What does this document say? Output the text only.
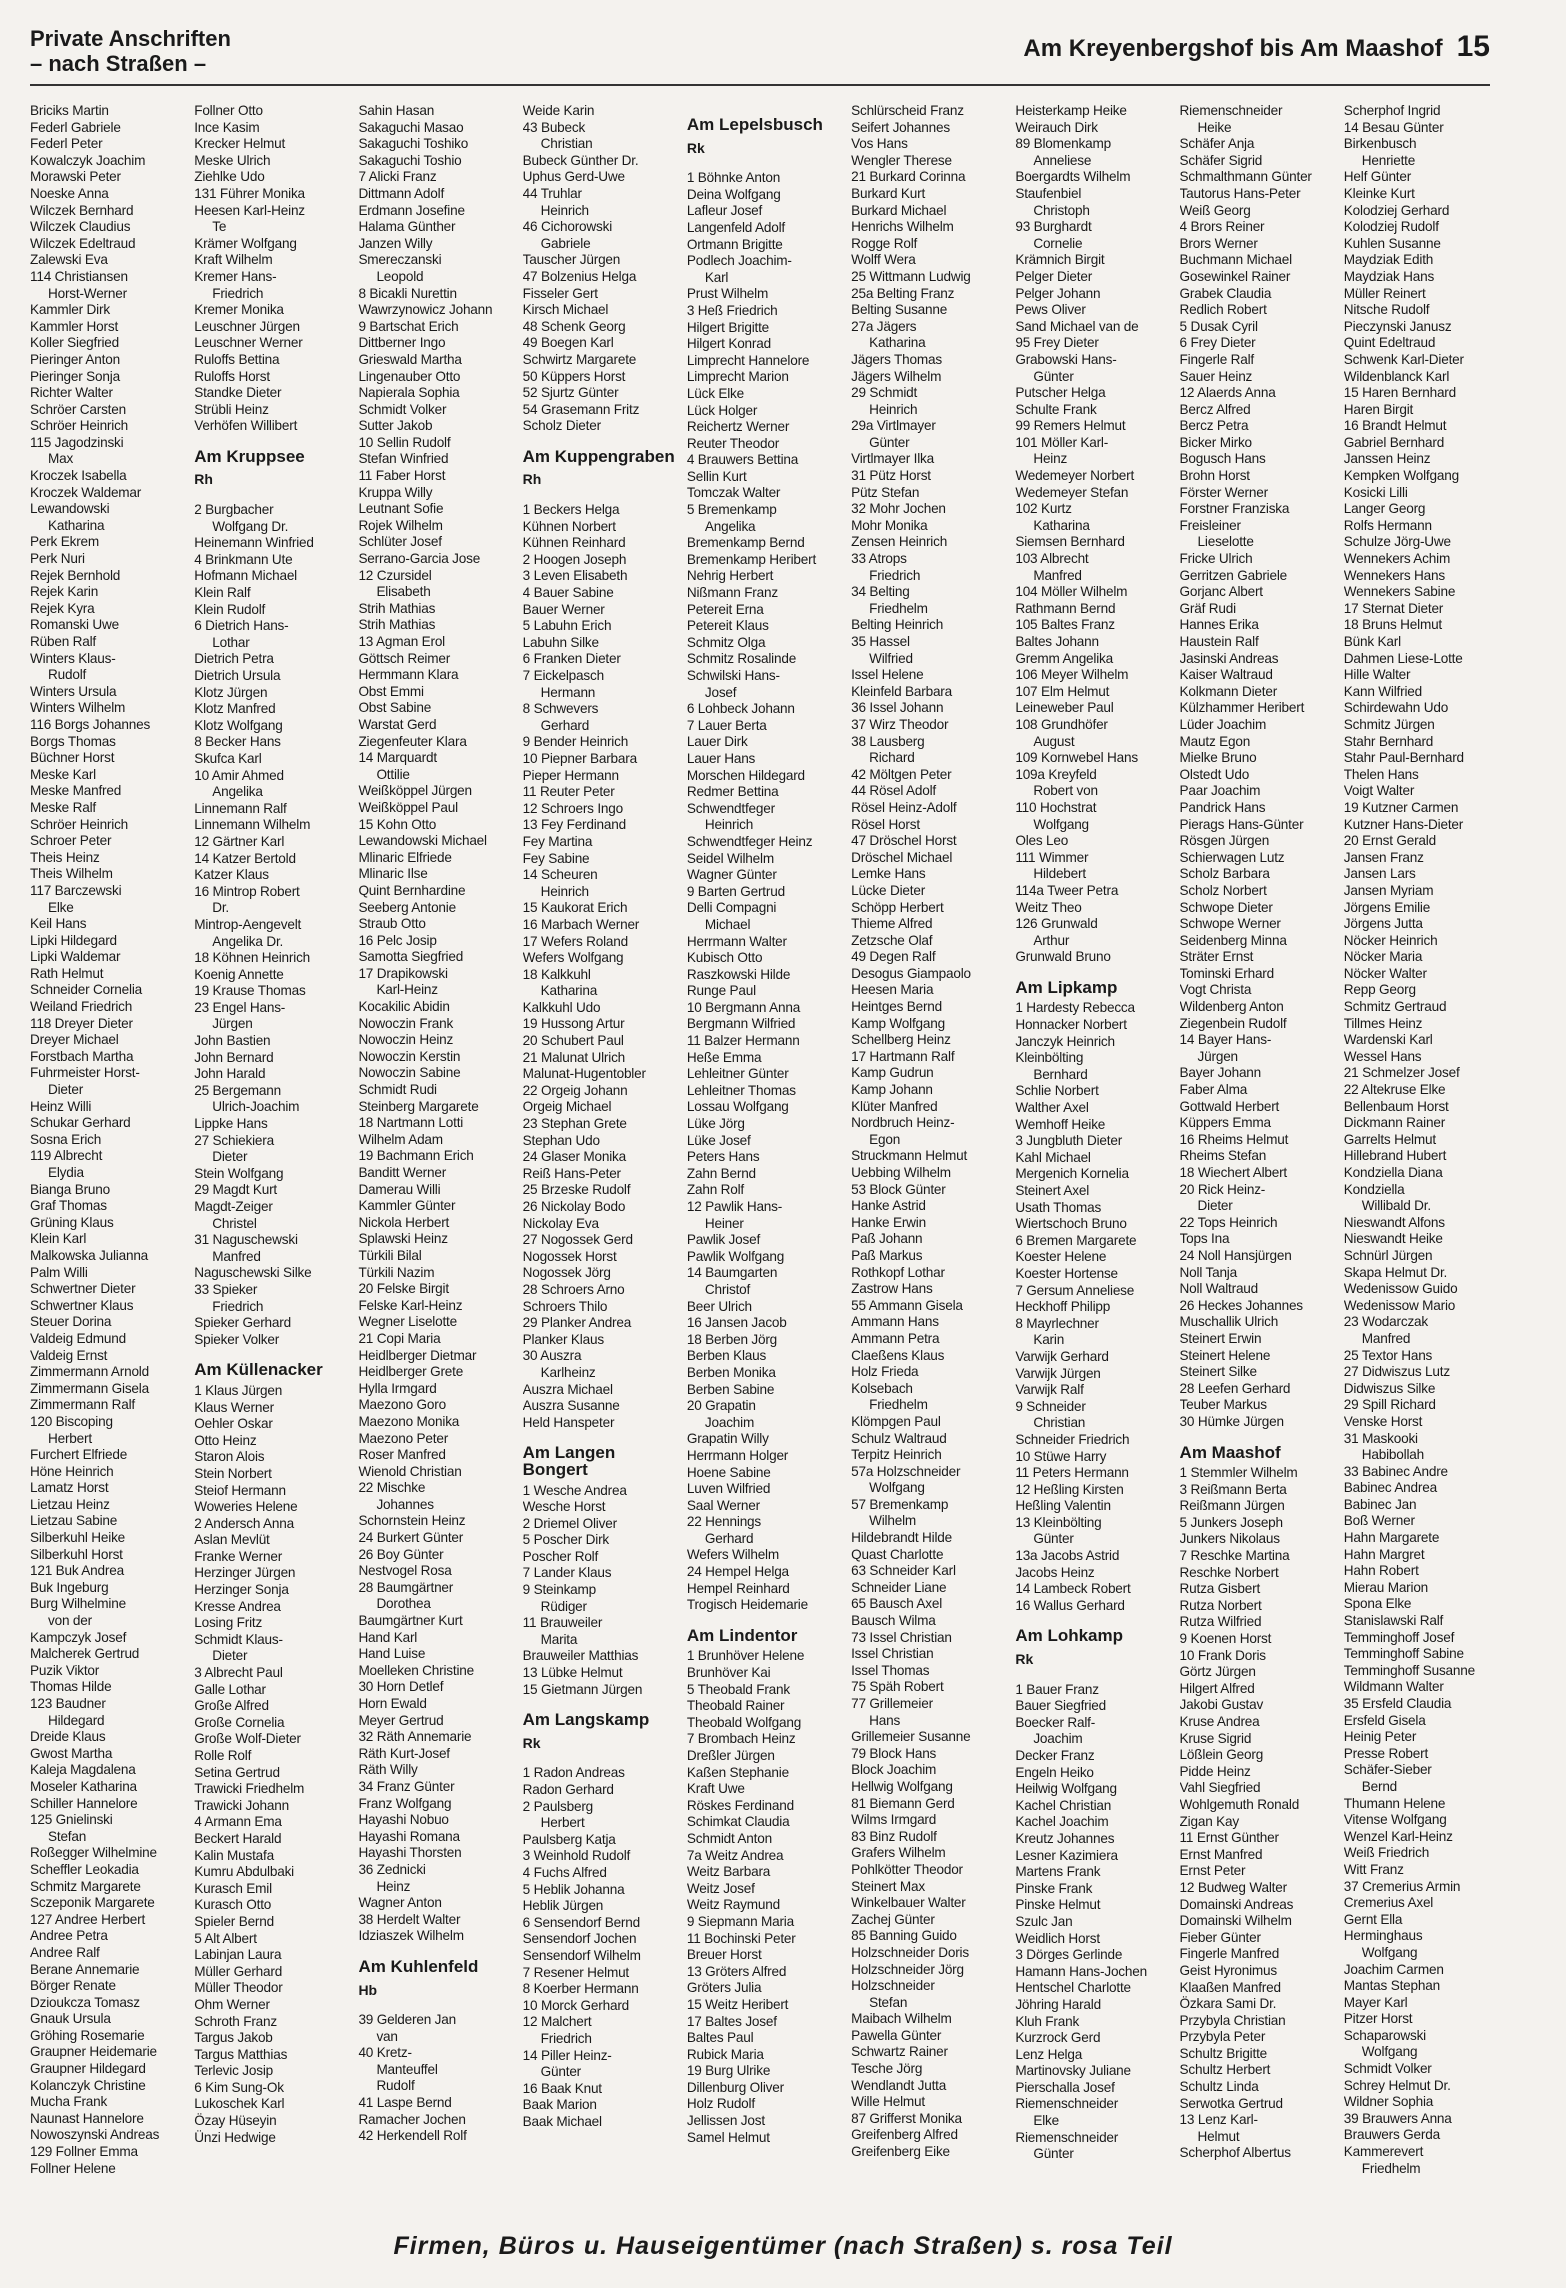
Private Anschriften
– nach Straßen –
Am Kreyenbergshof bis Am Maashof 15
Briciks Martin
Federl Gabriele
Federl Peter
Kowalczyk Joachim
Morawski Peter
Noeske Anna
Wilczek Bernhard
Wilczek Claudius
Wilczek Edeltraud
Zalewski Eva
114 Christiansen
Horst-Werner
Kammler Dirk
Kammler Horst
Koller Siegfried
Pieringer Anton
Pieringer Sonja
Richter Walter
Schröer Carsten
Schröer Heinrich
115 Jagodzinski
Max
Kroczek Isabella
Kroczek Waldemar
Lewandowski
Katharina
Perk Ekrem
Perk Nuri
Rejek Bernhold
Rejek Karin
Rejek Kyra
Romanski Uwe
Rüben Ralf
Winters Klaus-
Rudolf
Winters Ursula
Winters Wilhelm
116 Borgs Johannes
Borgs Thomas
Büchner Horst
Meske Karl
Meske Manfred
Meske Ralf
Schröer Heinrich
Schroer Peter
Theis Heinz
Theis Wilhelm
117 Barczewski
Elke
Keil Hans
Lipki Hildegard
Lipki Waldemar
Rath Helmut
Schneider Cornelia
Weiland Friedrich
118 Dreyer Dieter
Dreyer Michael
Forstbach Martha
Fuhrmeister Horst-
Dieter
Heinz Willi
Schukar Gerhard
Sosna Erich
119 Albrecht
Elydia
Bianga Bruno
Graf Thomas
Grüning Klaus
Klein Karl
Malkowska Julianna
Palm Willi
Schwertner Dieter
Schwertner Klaus
Steuer Dorina
Valdeig Edmund
Valdeig Ernst
Zimmermann Arnold
Zimmermann Gisela
Zimmermann Ralf
120 Biscoping
Herbert
Furchert Elfriede
Höne Heinrich
Lamatz Horst
Lietzau Heinz
Lietzau Sabine
Silberkuhl Heike
Silberkuhl Horst
121 Buk Andrea
Buk Ingeburg
Burg Wilhelmine
von der
Kampczyk Josef
Malcherek Gertrud
Puzik Viktor
Thomas Hilde
123 Baudner
Hildegard
Dreide Klaus
Gwost Martha
Kaleja Magdalena
Moseler Katharina
Schiller Hannelore
125 Gnielinski
Stefan
Roßegger Wilhelmine
Scheffler Leokadia
Schmitz Margarete
Sczeponik Margarete
127 Andree Herbert
Andree Petra
Andree Ralf
Berane Annemarie
Börger Renate
Dzioukcza Tomasz
Gnauk Ursula
Gröhing Rosemarie
Graupner Heidemarie
Graupner Hildegard
Kolanczyk Christine
Mucha Frank
Naunast Hannelore
Nowoszynski Andreas
129 Follner Emma
Follner Helene
Follner Otto
Ince Kasim
Krecker Helmut
Meske Ulrich
Ziehlke Udo
131 Führer Monika
Heesen Karl-Heinz
Te
Krämer Wolfgang
Kraft Wilhelm
Kremer Hans-
Friedrich
Kremer Monika
Leuschner Jürgen
Leuschner Werner
Ruloffs Bettina
Ruloffs Horst
Standke Dieter
Strübli Heinz
Verhöfen Willibert
Am Kruppsee
Rh
2 Burgbacher
Wolfgang Dr.
Heinemann Winfried
4 Brinkmann Ute
Hofmann Michael
Klein Ralf
Klein Rudolf
6 Dietrich Hans-
Lothar
Dietrich Petra
Dietrich Ursula
Klotz Jürgen
Klotz Manfred
Klotz Wolfgang
8 Becker Hans
Skufca Karl
10 Amir Ahmed
Angelika
Linnemann Ralf
Linnemann Wilhelm
12 Gärtner Karl
14 Katzer Bertold
Katzer Klaus
16 Mintrop Robert
Dr.
Mintrop-Aengevelt
Angelika Dr.
18 Köhnen Heinrich
Koenig Annette
19 Krause Thomas
23 Engel Hans-
Jürgen
John Bastien
John Bernard
John Harald
25 Bergemann
Ulrich-Joachim
Lippke Hans
27 Schiekiera
Dieter
Stein Wolfgang
29 Magdt Kurt
Magdt-Zeiger
Christel
31 Naguschewski
Manfred
Naguschewski Silke
33 Spieker
Friedrich
Spieker Gerhard
Spieker Volker
Am Küllenacker
1 Klaus Jürgen
Klaus Werner
Oehler Oskar
Otto Heinz
Staron Alois
Stein Norbert
Steiof Hermann
Woweries Helene
2 Andersch Anna
Aslan Mevlüt
Franke Werner
Herzinger Jürgen
Herzinger Sonja
Kresse Andrea
Losing Fritz
Schmidt Klaus-
Dieter
3 Albrecht Paul
Galle Lothar
Große Alfred
Große Cornelia
Große Wolf-Dieter
Rolle Rolf
Setina Gertrud
Trawicki Friedhelm
Trawicki Johann
4 Armann Ema
Beckert Harald
Kalin Mustafa
Kumru Abdulbaki
Kurasch Emil
Kurasch Otto
Spieler Bernd
5 Alt Albert
Labinjan Laura
Müller Gerhard
Müller Theodor
Ohm Werner
Schroth Franz
Targus Jakob
Targus Matthias
Terlevic Josip
6 Kim Sung-Ok
Lukoschek Karl
Özay Hüseyin
Ünzi Hedwige
Sahin Hasan
Sakaguchi Masao
Sakaguchi Toshiko
Sakaguchi Toshio
7 Alicki Franz
Dittmann Adolf
Erdmann Josefine
Halama Günther
Janzen Willy
Smereczanski
Leopold
8 Bicakli Nurettin
Wawrzynowicz Johann
9 Bartschat Erich
Dittberner Ingo
Grieswald Martha
Lingenauber Otto
Napierala Sophia
Schmidt Volker
Sutter Jakob
10 Sellin Rudolf
Stefan Winfried
11 Faber Horst
Kruppa Willy
Leutnant Sofie
Rojek Wilhelm
Schlüter Josef
Serrano-Garcia Jose
12 Czursidel
Elisabeth
Strih Mathias
Strih Mathias
13 Agman Erol
Göttsch Reimer
Hermmann Klara
Obst Emmi
Obst Sabine
Warstat Gerd
Ziegenfeuter Klara
14 Marquardt
Ottilie
Weißköppel Jürgen
Weißköppel Paul
15 Kohn Otto
Lewandowski Michael
Mlinaric Elfriede
Mlinaric Ilse
Quint Bernhardine
Seeberg Antonie
Straub Otto
16 Pelc Josip
Samotta Siegfried
17 Drapikowski
Karl-Heinz
Kocakilic Abidin
Nowoczin Frank
Nowoczin Heinz
Nowoczin Kerstin
Nowoczin Sabine
Schmidt Rudi
Steinberg Margarete
18 Nartmann Lotti
Wilhelm Adam
19 Bachmann Erich
Banditt Werner
Damerau Willi
Kammler Günter
Nickola Herbert
Splawski Heinz
Türkili Bilal
Türkili Nazim
20 Felske Birgit
Felske Karl-Heinz
Wegner Liselotte
21 Copi Maria
Heidlberger Dietmar
Heidlberger Grete
Hylla Irmgard
Maezono Goro
Maezono Monika
Maezono Peter
Roser Manfred
Wienold Christian
22 Mischke
Johannes
Schornstein Heinz
24 Burkert Günter
26 Boy Günter
Nestvogel Rosa
28 Baumgärtner
Dorothea
Baumgärtner Kurt
Hand Karl
Hand Luise
Moelleken Christine
30 Horn Detlef
Horn Ewald
Meyer Gertrud
32 Räth Annemarie
Räth Kurt-Josef
Räth Willy
34 Franz Günter
Franz Wolfgang
Hayashi Nobuo
Hayashi Romana
Hayashi Thorsten
36 Zednicki
Heinz
Wagner Anton
38 Herdelt Walter
Idziaszek Wilhelm
Am Kuhlenfeld
Hb
39 Gelderen Jan
van
40 Kretz-
Manteuffel
Rudolf
41 Laspe Bernd
Ramacher Jochen
42 Herkendell Rolf
Weide Karin
43 Bubeck
Christian
Bubeck Günther Dr.
Uphus Gerd-Uwe
44 Truhlar
Heinrich
46 Cichorowski
Gabriele
Tauscher Jürgen
47 Bolzenius Helga
Fisseler Gert
Kirsch Michael
48 Schenk Georg
49 Boegen Karl
Schwirtz Margarete
50 Küppers Horst
52 Sjurtz Günter
54 Grasemann Fritz
Scholz Dieter
Am Kuppengraben
Rh
1 Beckers Helga
Kühnen Norbert
Kühnen Reinhard
2 Hoogen Joseph
3 Leven Elisabeth
4 Bauer Sabine
Bauer Werner
5 Labuhn Erich
Labuhn Silke
6 Franken Dieter
7 Eickelpasch
Hermann
8 Schwevers
Gerhard
9 Bender Heinrich
10 Piepner Barbara
Pieper Hermann
11 Reuter Peter
12 Schroers Ingo
13 Fey Ferdinand
Fey Martina
Fey Sabine
14 Scheuren
Heinrich
15 Kaukorat Erich
16 Marbach Werner
17 Wefers Roland
Wefers Wolfgang
18 Kalkkuhl
Katharina
Kalkkuhl Udo
19 Hussong Artur
20 Schubert Paul
21 Malunat Ulrich
Malunat-Hugentobler
22 Orgeig Johann
Orgeig Michael
23 Stephan Grete
Stephan Udo
24 Glaser Monika
Reiß Hans-Peter
25 Brzeske Rudolf
26 Nickolay Bodo
Nickolay Eva
27 Nogossek Gerd
Nogossek Horst
Nogossek Jörg
28 Schroers Arno
Schroers Thilo
29 Planker Andrea
Planker Klaus
30 Auszra
Karlheinz
Auszra Michael
Auszra Susanne
Held Hanspeter
Am Langen Bongert
1 Wesche Andrea
Wesche Horst
2 Driemel Oliver
5 Poscher Dirk
Poscher Rolf
7 Lander Klaus
9 Steinkamp
Rüdiger
11 Brauweiler
Marita
Brauweiler Matthias
13 Lübke Helmut
15 Gietmann Jürgen
Am Langskamp
Rk
1 Radon Andreas
Radon Gerhard
2 Paulsberg
Herbert
Paulsberg Katja
3 Weinhold Rudolf
4 Fuchs Alfred
5 Heblik Johanna
Heblik Jürgen
6 Sensendorf Bernd
Sensendorf Jochen
Sensendorf Wilhelm
7 Resener Helmut
8 Koerber Hermann
10 Morck Gerhard
12 Malchert
Friedrich
14 Piller Heinz-
Günter
16 Baak Knut
Baak Marion
Baak Michael
Am Lepelsbusch
Rk
1 Böhnke Anton
Deina Wolfgang
Lafleur Josef
Langenfeld Adolf
Ortmann Brigitte
Podlech Joachim-
Karl
Prust Wilhelm
3 Heß Friedrich
Hilgert Brigitte
Hilgert Konrad
Limprecht Hannelore
Limprecht Marion
Lück Elke
Lück Holger
Reichertz Werner
Reuter Theodor
4 Brauwers Bettina
Sellin Kurt
Tomczak Walter
5 Bremenkamp
Angelika
Bremenkamp Bernd
Bremenkamp Heribert
Nehrig Herbert
Nißmann Franz
Petereit Erna
Petereit Klaus
Schmitz Olga
Schmitz Rosalinde
Schwilski Hans-
Josef
6 Lohbeck Johann
7 Lauer Berta
Lauer Dirk
Lauer Hans
Morschen Hildegard
Redmer Bettina
Schwendtfeger
Heinrich
Schwendtfeger Heinz
Seidel Wilhelm
Wagner Günter
9 Barten Gertrud
Delli Compagni
Michael
Herrmann Walter
Kubisch Otto
Raszkowski Hilde
Runge Paul
10 Bergmann Anna
Bergmann Wilfried
11 Balzer Hermann
Heße Emma
Lehleitner Günter
Lehleitner Thomas
Lossau Wolfgang
Lüke Jörg
Lüke Josef
Peters Hans
Zahn Bernd
Zahn Rolf
12 Pawlik Hans-
Heiner
Pawlik Josef
Pawlik Wolfgang
14 Baumgarten
Christof
Beer Ulrich
16 Jansen Jacob
18 Berben Jörg
Berben Klaus
Berben Monika
Berben Sabine
20 Grapatin
Joachim
Grapatin Willy
Herrmann Holger
Hoene Sabine
Luven Wilfried
Saal Werner
22 Hennings
Gerhard
Wefers Wilhelm
24 Hempel Helga
Hempel Reinhard
Trogisch Heidemarie
Am Lindentor
1 Brunhöver Helene
Brunhöver Kai
5 Theobald Frank
Theobald Rainer
Theobald Wolfgang
7 Brombach Heinz
Dreßler Jürgen
Kaßen Stephanie
Kraft Uwe
Röskes Ferdinand
Schimkat Claudia
Schmidt Anton
7a Weitz Andrea
Weitz Barbara
Weitz Josef
Weitz Raymund
9 Siepmann Maria
11 Bochinski Peter
Breuer Horst
13 Gröters Alfred
Gröters Julia
15 Weitz Heribert
17 Baltes Josef
Baltes Paul
Rubick Maria
19 Burg Ulrike
Dillenburg Oliver
Holz Rudolf
Jellissen Jost
Samel Helmut
Schlürscheid Franz
Seifert Johannes
Vos Hans
Wengler Therese
21 Burkard Corinna
Burkard Kurt
Burkard Michael
Henrichs Wilhelm
Rogge Rolf
Wolff Wera
25 Wittmann Ludwig
25a Belting Franz
Belting Susanne
27a Jägers
Katharina
Jägers Thomas
Jägers Wilhelm
29 Schmidt
Heinrich
29a Virtlmayer
Günter
Virtlmayer Ilka
31 Pütz Horst
Pütz Stefan
32 Mohr Jochen
Mohr Monika
Zensen Heinrich
33 Atrops
Friedrich
34 Belting
Friedhelm
Belting Heinrich
35 Hassel
Wilfried
Issel Helene
Kleinfeld Barbara
36 Issel Johann
37 Wirz Theodor
38 Lausberg
Richard
42 Möltgen Peter
44 Rösel Adolf
Rösel Heinz-Adolf
Rösel Horst
47 Dröschel Horst
Dröschel Michael
Lemke Hans
Lücke Dieter
Schöpp Herbert
Thieme Alfred
Zetzsche Olaf
49 Degen Ralf
Desogus Giampaolo
Heesen Maria
Heintges Bernd
Kamp Wolfgang
Schellberg Heinz
17 Hartmann Ralf
Kamp Gudrun
Kamp Johann
Klüter Manfred
Nordbruch Heinz-
Egon
Struckmann Helmut
Uebbing Wilhelm
53 Block Günter
Hanke Astrid
Hanke Erwin
Paß Johann
Paß Markus
Rothkopf Lothar
Zastrow Hans
55 Ammann Gisela
Ammann Hans
Ammann Petra
Claeßens Klaus
Holz Frieda
Kolsebach
Friedhelm
Klömpgen Paul
Schulz Waltraud
Terpitz Heinrich
57a Holzschneider
Wolfgang
57 Bremenkamp
Wilhelm
Hildebrandt Hilde
Quast Charlotte
63 Schneider Karl
Schneider Liane
65 Bausch Axel
Bausch Wilma
73 Issel Christian
Issel Christian
Issel Thomas
75 Späh Robert
77 Grillemeier
Hans
Grillemeier Susanne
79 Block Hans
Block Joachim
Hellwig Wolfgang
81 Biemann Gerd
Wilms Irmgard
83 Binz Rudolf
Grafers Wilhelm
Pohlkötter Theodor
Steinert Max
Winkelbauer Walter
Zachej Günter
85 Banning Guido
Holzschneider Doris
Holzschneider Jörg
Holzschneider
Stefan
Maibach Wilhelm
Pawella Günter
Schwartz Rainer
Tesche Jörg
Wendlandt Jutta
Wille Helmut
87 Grifferst Monika
Greifenberg Alfred
Greifenberg Eike
Heisterkamp Heike
Weirauch Dirk
89 Blomenkamp
Anneliese
Boergardts Wilhelm
Staufenbiel
Christoph
93 Burghardt
Cornelie
Krämnich Birgit
Pelger Dieter
Pelger Johann
Pews Oliver
Sand Michael van de
95 Frey Dieter
Grabowski Hans-
Günter
Putscher Helga
Schulte Frank
99 Remers Helmut
101 Möller Karl-
Heinz
Wedemeyer Norbert
Wedemeyer Stefan
102 Kurtz
Katharina
Siemsen Bernhard
103 Albrecht
Manfred
104 Möller Wilhelm
Rathmann Bernd
105 Baltes Franz
Baltes Johann
Gremm Angelika
106 Meyer Wilhelm
107 Elm Helmut
Leineweber Paul
108 Grundhöfer
August
109 Kornwebel Hans
109a Kreyfeld
Robert von
110 Hochstrat
Wolfgang
Oles Leo
111 Wimmer
Hildebert
114a Tweer Petra
Weitz Theo
126 Grunwald
Arthur
Grunwald Bruno
Am Lipkamp
1 Hardesty Rebecca
Honnacker Norbert
Janczyk Heinrich
Kleinbölting
Bernhard
Schlie Norbert
Walther Axel
Wemhoff Heike
3 Jungbluth Dieter
Kahl Michael
Mergenich Kornelia
Steinert Axel
Usath Thomas
Wiertschoch Bruno
6 Bremen Margarete
Koester Helene
Koester Hortense
7 Gersum Anneliese
Heckhoff Philipp
8 Mayrlechner
Karin
Varwijk Gerhard
Varwijk Jürgen
Varwijk Ralf
9 Schneider
Christian
Schneider Friedrich
10 Stüwe Harry
11 Peters Hermann
12 Heßling Kirsten
Heßling Valentin
13 Kleinbölting
Günter
13a Jacobs Astrid
Jacobs Heinz
14 Lambeck Robert
16 Wallus Gerhard
Am Lohkamp
Rk
1 Bauer Franz
Bauer Siegfried
Boecker Ralf-
Joachim
Decker Franz
Engeln Heiko
Heilwig Wolfgang
Kachel Christian
Kachel Joachim
Kreutz Johannes
Lesner Kazimiera
Martens Frank
Pinske Frank
Pinske Helmut
Szulc Jan
Weidlich Horst
3 Dörges Gerlinde
Hamann Hans-Jochen
Hentschel Charlotte
Jöhring Harald
Kluh Frank
Kurzrock Gerd
Lenz Helga
Martinovsky Juliane
Pierschalla Josef
Riemenschneider
Elke
Riemenschneider
Günter
Riemenschneider
Heike
Schäfer Anja
Schäfer Sigrid
Schmalthmann Günter
Tautorus Hans-Peter
Weiß Georg
4 Brors Reiner
Brors Werner
Buchmann Michael
Gosewinkel Rainer
Grabek Claudia
Redlich Robert
5 Dusak Cyril
6 Frey Dieter
Fingerle Ralf
Sauer Heinz
12 Alaerds Anna
Bercz Alfred
Bercz Petra
Bicker Mirko
Bogusch Hans
Brohn Horst
Förster Werner
Forstner Franziska
Freisleiner
Lieselotte
Fricke Ulrich
Gerritzen Gabriele
Gorjanc Albert
Gräf Rudi
Hannes Erika
Haustein Ralf
Jasinski Andreas
Kaiser Waltraud
Kolkmann Dieter
Külzhammer Heribert
Lüder Joachim
Mautz Egon
Mielke Bruno
Olstedt Udo
Paar Joachim
Pandrick Hans
Pierags Hans-Günter
Rösgen Jürgen
Schierwagen Lutz
Scholz Barbara
Scholz Norbert
Schwope Dieter
Schwope Werner
Seidenberg Minna
Sträter Ernst
Tominski Erhard
Vogt Christa
Wildenberg Anton
Ziegenbein Rudolf
14 Bayer Hans-
Jürgen
Bayer Johann
Faber Alma
Gottwald Herbert
Küppers Emma
16 Rheims Helmut
Rheims Stefan
18 Wiechert Albert
20 Rick Heinz-
Dieter
22 Tops Heinrich
Tops Ina
24 Noll Hansjürgen
Noll Tanja
Noll Waltraud
26 Heckes Johannes
Muschallik Ulrich
Steinert Erwin
Steinert Helene
Steinert Silke
28 Leefen Gerhard
Teuber Markus
30 Hümke Jürgen
Am Maashof
1 Stemmler Wilhelm
3 Reißmann Berta
Reißmann Jürgen
5 Junkers Joseph
Junkers Nikolaus
7 Reschke Martina
Reschke Norbert
Rutza Gisbert
Rutza Norbert
Rutza Wilfried
9 Koenen Horst
10 Frank Doris
Görtz Jürgen
Hilgert Alfred
Jakobi Gustav
Kruse Andrea
Kruse Sigrid
Lößlein Georg
Pidde Heinz
Vahl Siegfried
Wohlgemuth Ronald
Zigan Kay
11 Ernst Günther
Ernst Manfred
Ernst Peter
12 Budweg Walter
Domainski Andreas
Domainski Wilhelm
Fieber Günter
Fingerle Manfred
Geist Hyronimus
Klaaßen Manfred
Özkara Sami Dr.
Przybyla Christian
Przybyla Peter
Schultz Brigitte
Schultz Herbert
Schultz Linda
Serwotka Gertrud
13 Lenz Karl-
Helmut
Scherphof Albertus
Scherphof Ingrid
14 Besau Günter
Birkenbusch
Henriette
Helf Günter
Kleinke Kurt
Kolodziej Gerhard
Kolodziej Rudolf
Kuhlen Susanne
Maydziak Edith
Maydziak Hans
Müller Reinert
Nitsche Rudolf
Pieczynski Janusz
Quint Edeltraud
Schwenk Karl-Dieter
Wildenblanck Karl
15 Haren Bernhard
Haren Birgit
16 Brandt Helmut
Gabriel Bernhard
Janssen Heinz
Kempken Wolfgang
Kosicki Lilli
Langer Georg
Rolfs Hermann
Schulze Jörg-Uwe
Wennekers Achim
Wennekers Hans
Wennekers Sabine
17 Sternat Dieter
18 Bruns Helmut
Bünk Karl
Dahmen Liese-Lotte
Hille Walter
Kann Wilfried
Schirdewahn Udo
Schmitz Jürgen
Stahr Bernhard
Stahr Paul-Bernhard
Thelen Hans
Voigt Walter
19 Kutzner Carmen
Kutzner Hans-Dieter
20 Ernst Gerald
Jansen Franz
Jansen Lars
Jansen Myriam
Jörgens Emilie
Jörgens Jutta
Nöcker Heinrich
Nöcker Maria
Nöcker Walter
Repp Georg
Schmitz Gertraud
Tillmes Heinz
Wardenski Karl
Wessel Hans
21 Schmelzer Josef
22 Altekruse Elke
Bellenbaum Horst
Dickmann Rainer
Garrelts Helmut
Hillebrand Hubert
Kondziella Diana
Kondziella
Willibald Dr.
Nieswandt Alfons
Nieswandt Heike
Schnürl Jürgen
Skapa Helmut Dr.
Wedenissow Guido
Wedenissow Mario
23 Wodarczak
Manfred
25 Textor Hans
27 Didwiszus Lutz
Didwiszus Silke
29 Spill Richard
Venske Horst
31 Maskooki
Habibollah
33 Babinec Andre
Babinec Andrea
Babinec Jan
Boß Werner
Hahn Margarete
Hahn Margret
Hahn Robert
Mierau Marion
Spona Elke
Stanislawski Ralf
Temminghoff Josef
Temminghoff Sabine
Temminghoff Susanne
Wildmann Walter
35 Ersfeld Claudia
Ersfeld Gisela
Heinig Peter
Presse Robert
Schäfer-Sieber
Bernd
Thumann Helene
Vitense Wolfgang
Wenzel Karl-Heinz
Weiß Friedrich
Witt Franz
37 Cremerius Armin
Cremerius Axel
Gernt Ella
Herminghaus
Wolfgang
Joachim Carmen
Mantas Stephan
Mayer Karl
Pitzer Horst
Schaparowski
Wolfgang
Schmidt Volker
Schrey Helmut Dr.
Wildner Sophia
39 Brauwers Anna
Brauwers Gerda
Kammerevert
Friedhelm
Firmen, Büros u. Hauseigentümer (nach Straßen) s. rosa Teil
